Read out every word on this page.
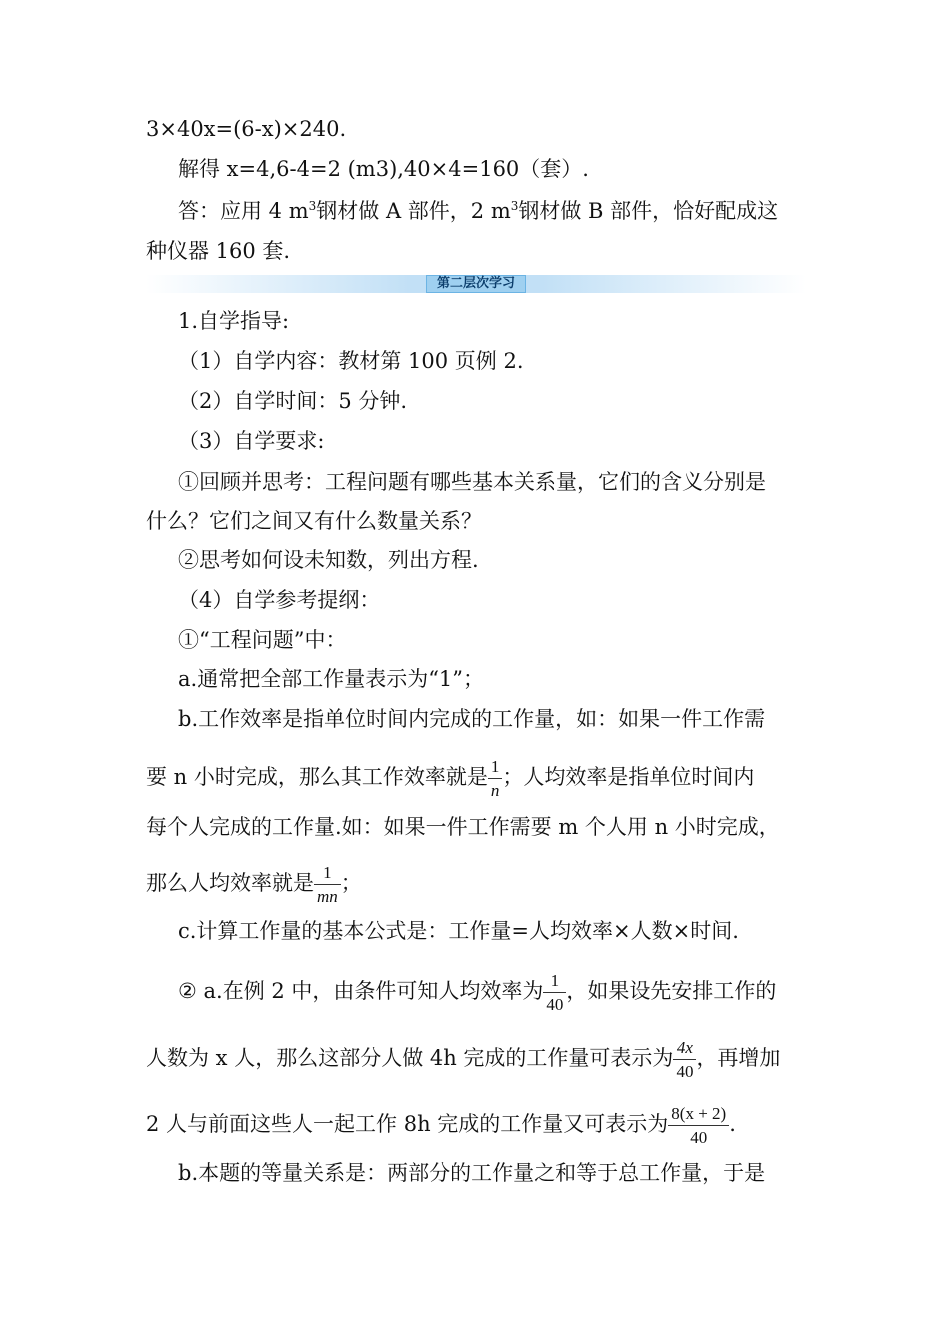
3×40x=(6-x)×240.
解得 x=4,6-4=2 (m3),40×4=160（套）.
答：应用 4 $m^3$钢材做 A 部件，2 $m^3$钢材做 B 部件，恰好配成这
种仪器 160 套.
第二层次学习
1.自学指导:
（1）自学内容：教材第 100 页例 2.
（2）自学时间：5 分钟.
（3）自学要求:
①回顾并思考：工程问题有哪些基本关系量，它们的含义分别是
什么？它们之间又有什么数量关系？
②思考如何设未知数，列出方程.
（4）自学参考提纲：
①“工程问题”中：
a.通常把全部工作量表示为“1”；
b.工作效率是指单位时间内完成的工作量，如：如果一件工作需
要 n 小时完成，那么其工作效率就是 $\frac{1}{n}$ ；人均效率是指单位时间内
每个人完成的工作量.如：如果一件工作需要 m 个人用 n 小时完成，
那么人均效率就是 $\frac{1}{mn}$ ；
c.计算工作量的基本公式是：工作量=人均效率×人数×时间.
② a.在例 2 中，由条件可知人均效率为 $\frac{1}{40}$ ，如果设先安排工作的
人数为 x 人，那么这部分人做 4h 完成的工作量可表示为 $\frac{4x}{40}$ ，再增加
2 人与前面这些人一起工作 8h 完成的工作量又可表示为 $\frac{8(x + 2)}{40}$ .
b.本题的等量关系是：两部分的工作量之和等于总工作量，于是
